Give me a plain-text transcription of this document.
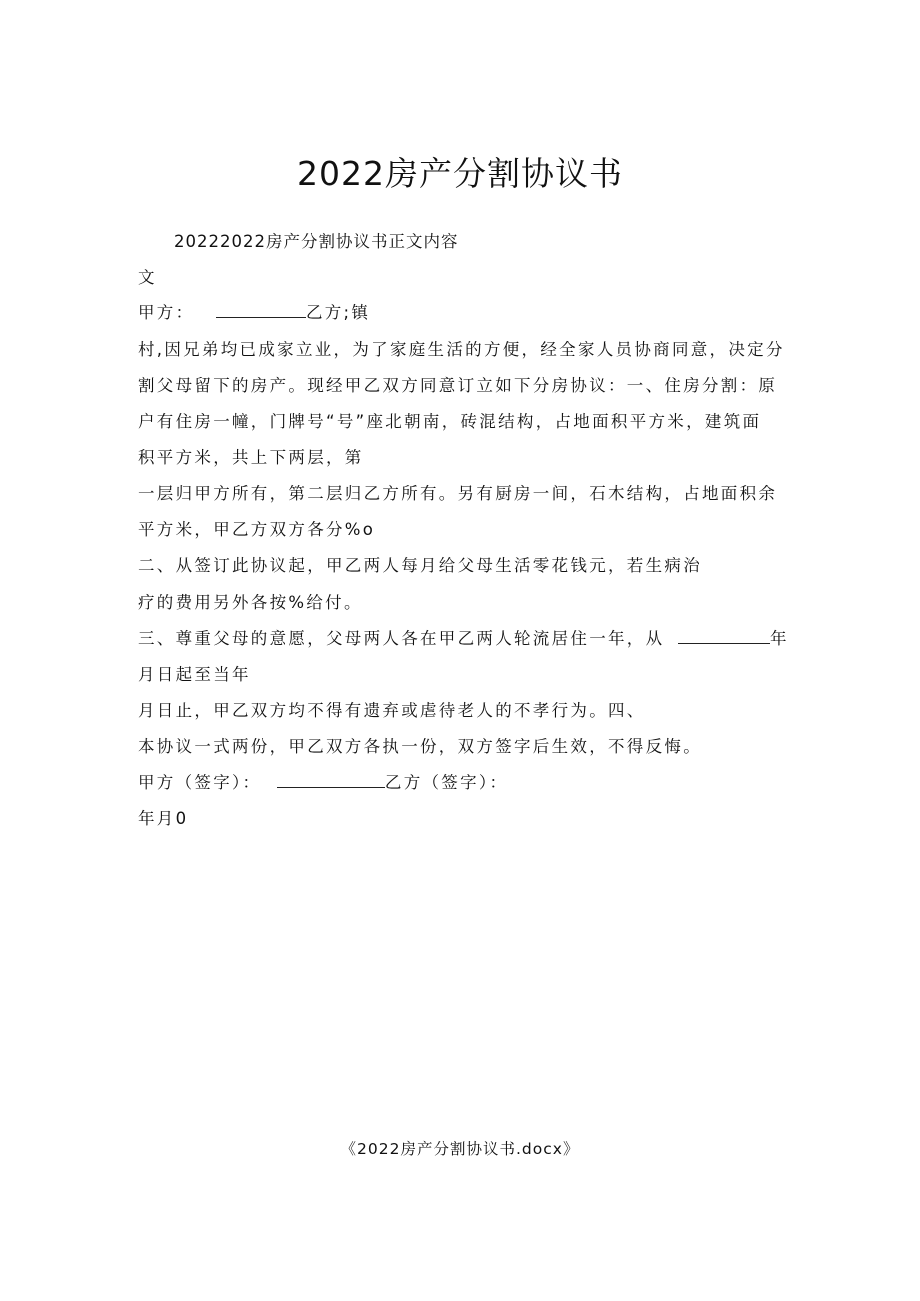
2022房产分割协议书
20222022房产分割协议书正文内容
文
甲方：	乙方;镇
村,因兄弟均已成家立业，为了家庭生活的方便，经全家人员协商同意，决定分
割父母留下的房产。现经甲乙双方同意订立如下分房协议：一、住房分割：原
户有住房一幢，门牌号“号”座北朝南，砖混结构，占地面积平方米，建筑面
积平方米，共上下两层，第
一层归甲方所有，第二层归乙方所有。另有厨房一间，石木结构，占地面积余
平方米，甲乙方双方各分%o
二、从签订此协议起，甲乙两人每月给父母生活零花钱元，若生病治
疗的费用另外各按%给付。
三、尊重父母的意愿，父母两人各在甲乙两人轮流居住一年，从	年
月日起至当年
月日止，甲乙双方均不得有遗弃或虐待老人的不孝行为。四、
本协议一式两份，甲乙双方各执一份，双方签字后生效，不得反悔。
甲方（签字）：	乙方（签字）：
年月0
《2022房产分割协议书.docx》
